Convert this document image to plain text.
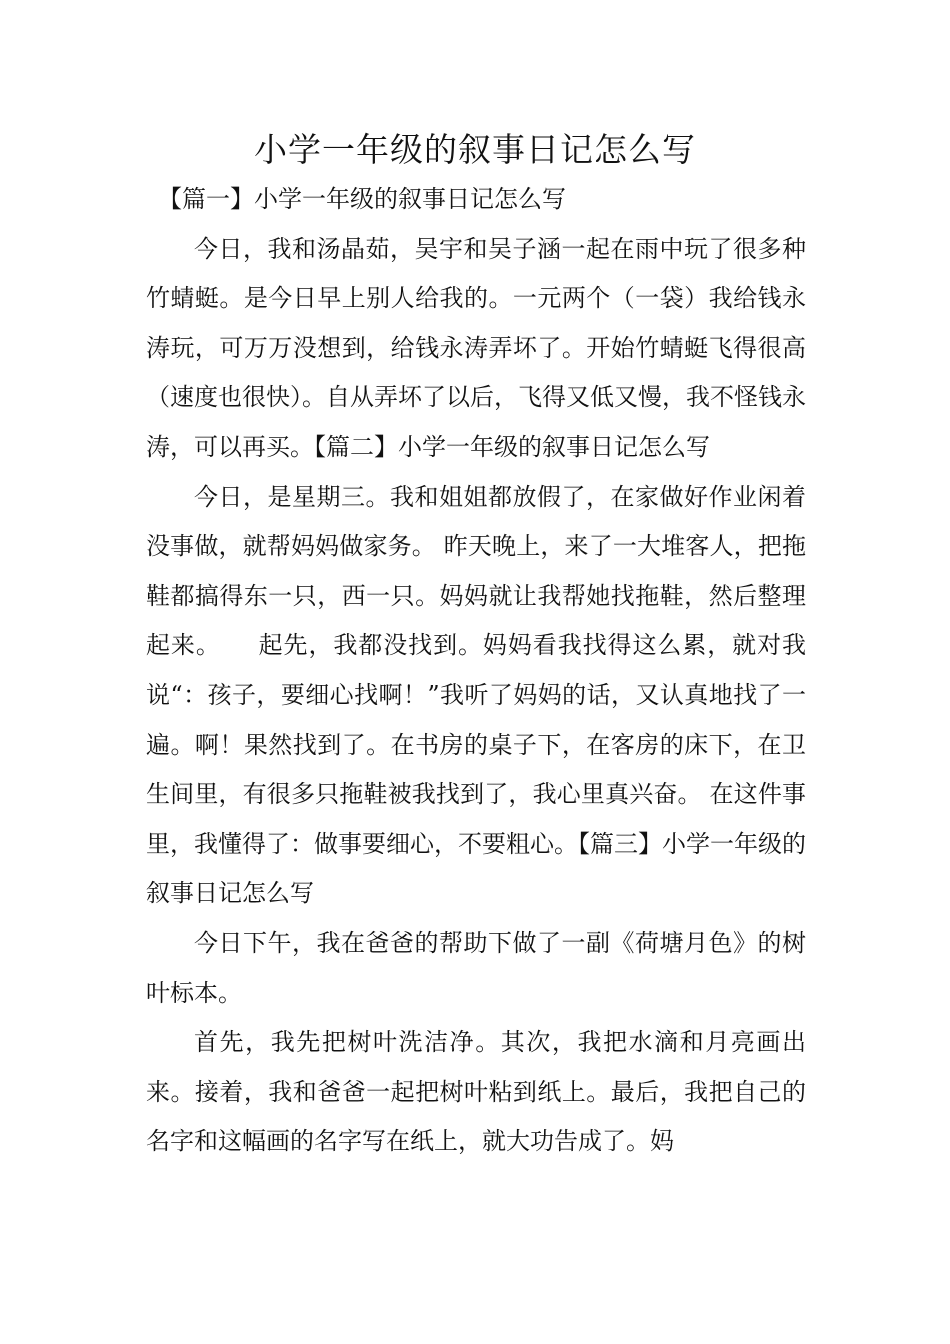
小学一年级的叙事日记怎么写

【篇一】小学一年级的叙事日记怎么写

今日，我和汤晶茹，吴宇和吴子涵一起在雨中玩了很多种竹蜻蜓。是今日早上别人给我的。一元两个（一袋）我给钱永涛玩，可万万没想到，给钱永涛弄坏了。开始竹蜻蜓飞得很高（速度也很快）。自从弄坏了以后，飞得又低又慢，我不怪钱永涛，可以再买。【篇二】小学一年级的叙事日记怎么写

今日，是星期三。我和姐姐都放假了，在家做好作业闲着没事做，就帮妈妈做家务。 昨天晚上，来了一大堆客人，把拖鞋都搞得东一只，西一只。妈妈就让我帮她找拖鞋，然后整理起来。　　起先，我都没找到。妈妈看我找得这么累，就对我说“：孩子，要细心找啊！”我听了妈妈的话，又认真地找了一遍。啊！果然找到了。在书房的桌子下，在客房的床下，在卫生间里，有很多只拖鞋被我找到了，我心里真兴奋。 在这件事里，我懂得了：做事要细心，不要粗心。【篇三】小学一年级的叙事日记怎么写

今日下午，我在爸爸的帮助下做了一副《荷塘月色》的树叶标本。

首先，我先把树叶洗洁净。其次，我把水滴和月亮画出来。接着，我和爸爸一起把树叶粘到纸上。最后，我把自己的名字和这幅画的名字写在纸上，就大功告成了。妈
